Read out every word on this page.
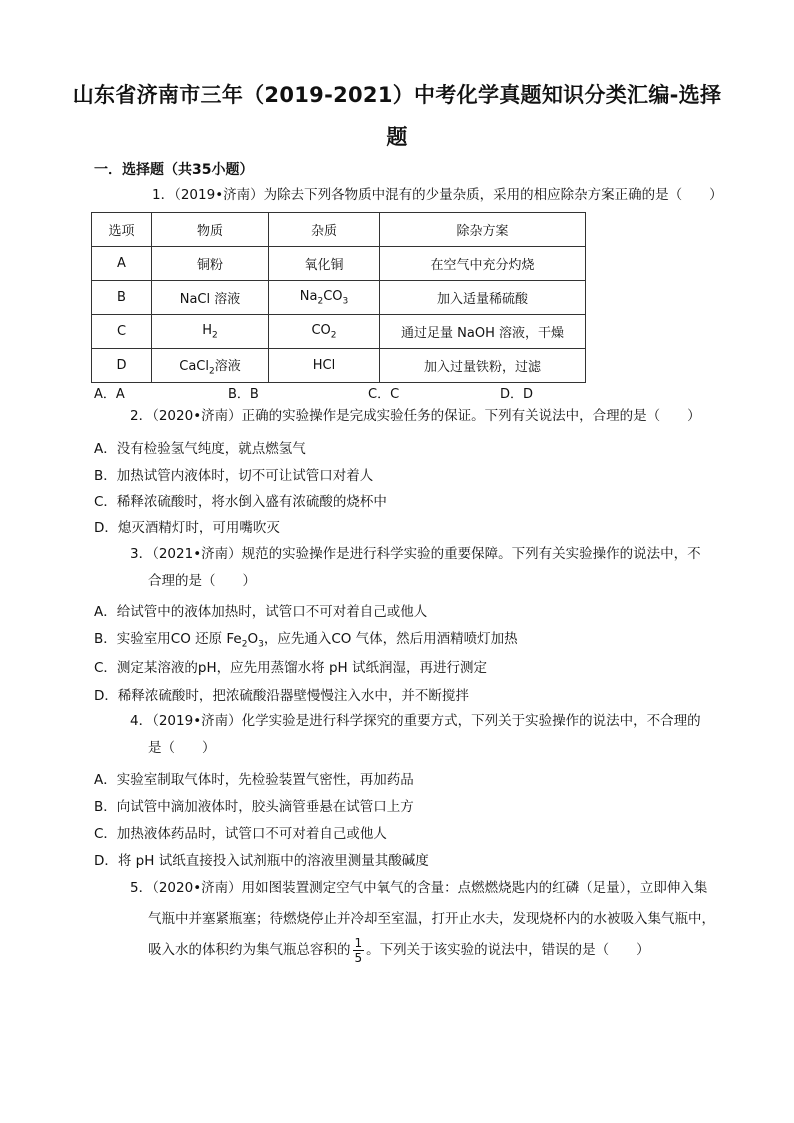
山东省济南市三年（2019-2021）中考化学真题知识分类汇编-选择
题
一．选择题（共35小题）
1．（2019•济南）为除去下列各物质中混有的少量杂质，采用的相应除杂方案正确的是（　　）
选项	物质	杂质	除杂方案
A	铜粉	氧化铜	在空气中充分灼烧
B	NaCl 溶液	$Na_2CO_3$	加入适量稀硫酸
C	$H_2$	$CO_2$	通过足量 NaOH 溶液，干燥
D	CaCl$_2$溶液	HCl	加入过量铁粉，过滤
A．A	B．B	C．C	D．D
2．（2020•济南）正确的实验操作是完成实验任务的保证。下列有关说法中，合理的是（　　）
A．没有检验氢气纯度，就点燃氢气
B．加热试管内液体时，切不可让试管口对着人
C．稀释浓硫酸时，将水倒入盛有浓硫酸的烧杯中
D．熄灭酒精灯时，可用嘴吹灭
3．（2021•济南）规范的实验操作是进行科学实验的重要保障。下列有关实验操作的说法中，不
合理的是（　　）
A．给试管中的液体加热时，试管口不可对着自己或他人
B．实验室用CO 还原 $Fe_2O_3$，应先通入CO 气体，然后用酒精喷灯加热
C．测定某溶液的pH，应先用蒸馏水将 pH 试纸润湿，再进行测定
D．稀释浓硫酸时，把浓硫酸沿器壁慢慢注入水中，并不断搅拌
4．（2019•济南）化学实验是进行科学探究的重要方式，下列关于实验操作的说法中，不合理的
是（　　）
A．实验室制取气体时，先检验装置气密性，再加药品
B．向试管中滴加液体时，胶头滴管垂悬在试管口上方
C．加热液体药品时，试管口不可对着自己或他人
D．将 pH 试纸直接投入试剂瓶中的溶液里测量其酸碱度
5．（2020•济南）用如图装置测定空气中氧气的含量：点燃燃烧匙内的红磷（足量），立即伸入集
气瓶中并塞紧瓶塞；待燃烧停止并冷却至室温，打开止水夫，发现烧杯内的水被吸入集气瓶中，
吸入水的体积约为集气瓶总容积的 $\frac{1}{5}$ 。下列关于该实验的说法中，错误的是（　　）
